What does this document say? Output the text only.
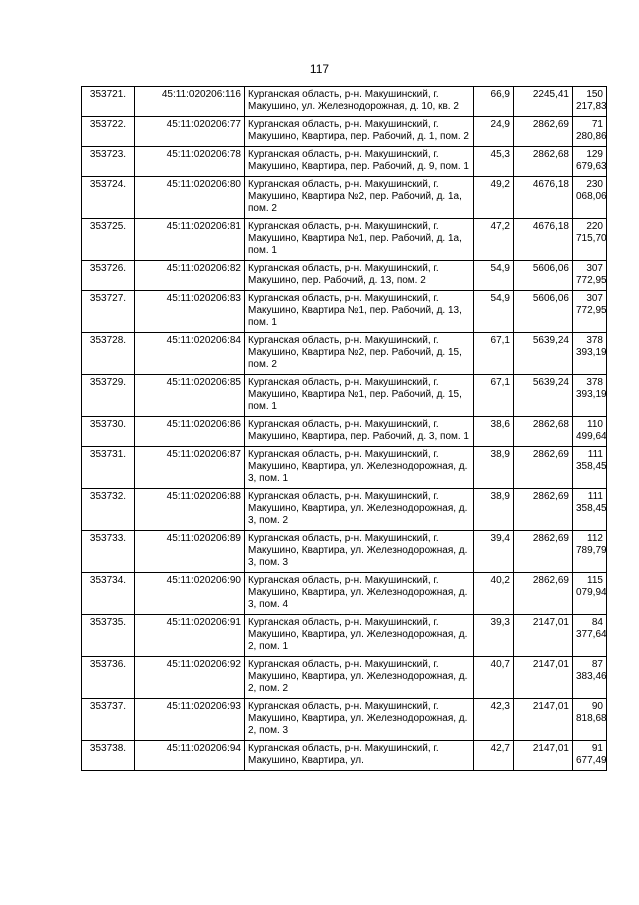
117
353721.	45:11:020206:116	Курганская область, р-н. Макушинский, г. Макушино, ул. Железнодорожная, д. 10, кв. 2	66,9	2245,41	150 217,83
353722.	45:11:020206:77	Курганская область, р-н. Макушинский, г. Макушино, Квартира, пер. Рабочий, д. 1, пом. 2	24,9	2862,69	71 280,86
353723.	45:11:020206:78	Курганская область, р-н. Макушинский, г. Макушино, Квартира, пер. Рабочий, д. 9, пом. 1	45,3	2862,68	129 679,63
353724.	45:11:020206:80	Курганская область, р-н. Макушинский, г. Макушино, Квартира №2, пер. Рабочий, д. 1а, пом. 2	49,2	4676,18	230 068,06
353725.	45:11:020206:81	Курганская область, р-н. Макушинский, г. Макушино, Квартира №1, пер. Рабочий, д. 1а, пом. 1	47,2	4676,18	220 715,70
353726.	45:11:020206:82	Курганская область, р-н. Макушинский, г. Макушино, пер. Рабочий, д. 13, пом. 2	54,9	5606,06	307 772,95
353727.	45:11:020206:83	Курганская область, р-н. Макушинский, г. Макушино, Квартира №1, пер. Рабочий, д. 13, пом. 1	54,9	5606,06	307 772,95
353728.	45:11:020206:84	Курганская область, р-н. Макушинский, г. Макушино, Квартира №2, пер. Рабочий, д. 15, пом. 2	67,1	5639,24	378 393,19
353729.	45:11:020206:85	Курганская область, р-н. Макушинский, г. Макушино, Квартира №1, пер. Рабочий, д. 15, пом. 1	67,1	5639,24	378 393,19
353730.	45:11:020206:86	Курганская область, р-н. Макушинский, г. Макушино, Квартира, пер. Рабочий, д. 3, пом. 1	38,6	2862,68	110 499,64
353731.	45:11:020206:87	Курганская область, р-н. Макушинский, г. Макушино, Квартира, ул. Железнодорожная, д. 3, пом. 1	38,9	2862,69	111 358,45
353732.	45:11:020206:88	Курганская область, р-н. Макушинский, г. Макушино, Квартира, ул. Железнодорожная, д. 3, пом. 2	38,9	2862,69	111 358,45
353733.	45:11:020206:89	Курганская область, р-н. Макушинский, г. Макушино, Квартира, ул. Железнодорожная, д. 3, пом. 3	39,4	2862,69	112 789,79
353734.	45:11:020206:90	Курганская область, р-н. Макушинский, г. Макушино, Квартира, ул. Железнодорожная, д. 3, пом. 4	40,2	2862,69	115 079,94
353735.	45:11:020206:91	Курганская область, р-н. Макушинский, г. Макушино, Квартира, ул. Железнодорожная, д. 2, пом. 1	39,3	2147,01	84 377,64
353736.	45:11:020206:92	Курганская область, р-н. Макушинский, г. Макушино, Квартира, ул. Железнодорожная, д. 2, пом. 2	40,7	2147,01	87 383,46
353737.	45:11:020206:93	Курганская область, р-н. Макушинский, г. Макушино, Квартира, ул. Железнодорожная, д. 2, пом. 3	42,3	2147,01	90 818,68
353738.	45:11:020206:94	Курганская область, р-н. Макушинский, г. Макушино, Квартира, ул.	42,7	2147,01	91 677,49
